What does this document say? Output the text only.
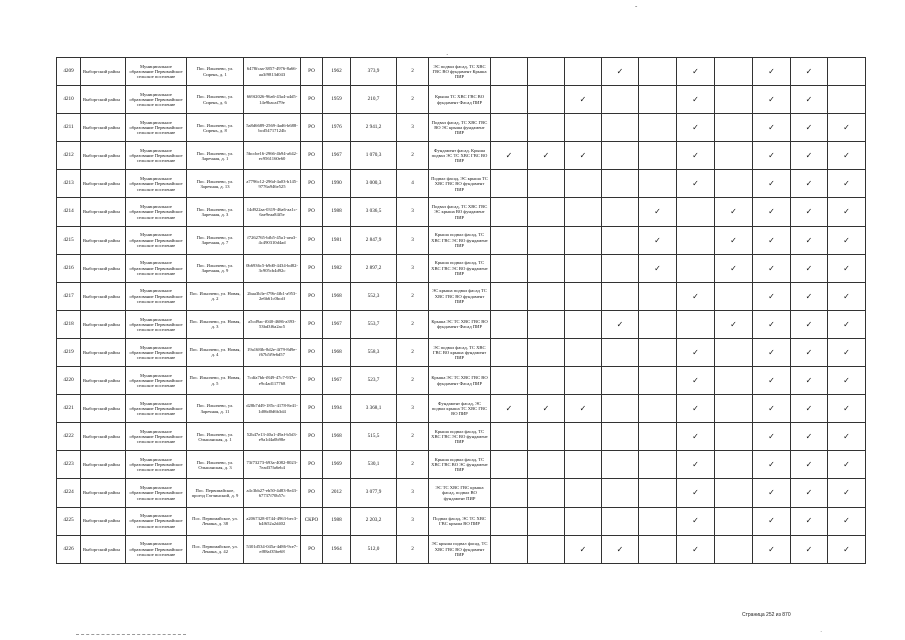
-
·
4209	Выборгский район	Муниципальное образование Первомайское сельское поселение	Пос. Ильичево, ул. Сирень, д. 1	6478fcaa-3857-4976-8a66-aa3f9813d043	РО	1962	373,9	2	ЭС подвал фасад, ТС ХВС ГВС ВО фундамент Крыша ПИР				✓		✓		✓	✓	
4210	Выборгский район	Муниципальное образование Первомайское сельское поселение	Пос. Ильичево, ул. Сирень, д. 6	669f2026-96a6-43a4-a4d5-14e9bacaf79e	РО	1959	210,7	2	Крыша ТС ХВС ГВС ВО фундамент Фасад ПИР			✓			✓		✓	✓	
4211	Выборгский район	Муниципальное образование Первомайское сельское поселение	Пос. Ильичево, ул. Сирень, д. 8	5a8d6689-2569-4ad6-b688-bcd54717124b	РО	1976	2 941,2	3	Подвал фасад, ТС ХВС ГВС ВО ЭС крыша фундамент ПИР						✓		✓	✓	✓
4212	Выборгский район	Муниципальное образование Первомайское сельское поселение	Пос. Ильичево, ул. Заречная, д. 1	5bccbe16-2966-4b94-a642-ec9561160e60	РО	1967	1 070,3	2	Фундамент фасад. Крыша подвал ЭС ТС ХВС ГВС ВО ПИР	✓	✓	✓			✓		✓	✓	✓
4213	Выборгский район	Муниципальное образование Первомайское сельское поселение	Пос. Ильичево, ул. Заречная, д. 13	a7796c12-296d-4a03-b145-9776a946e525	РО	1990	3 000,3	4	Подвал фасад, ЭС крыша ТС ХВС ГВС ВО фундамент ПИР						✓		✓	✓	✓
4214	Выборгский район	Муниципальное образование Первомайское сельское поселение	Пос. Ильичево, ул. Заречная, д. 3	14d922aa-0319-46a6-aa1c-6ae9eaa84f5e	РО	1988	3 036,5	3	Подвал фасад, ТС ХВС ГВС ЭС крыша ВО фундамент ПИР					✓		✓	✓	✓	✓
4215	Выборгский район	Муниципальное образование Первомайское сельское поселение	Пос. Ильичево, ул. Заречная, д. 7	f7262765-bfb5-45a1-aea3-4c490310d4ad	РО	1981	2 847,9	3	Крыша подвал фасад, ТС ХВС ГВС ЭС ВО фундамент ПИР					✓		✓	✓	✓	✓
4216	Выборгский район	Муниципальное образование Первомайское сельское поселение	Пос. Ильичево, ул. Заречная, д. 9	0b6936c5-b9d0-4434-bd82-3c905cb4d92c	РО	1982	2 897,2	3	Крыша подвал фасад, ТС ХВС ГВС ЭС ВО фундамент ПИР					✓		✓	✓	✓	✓
4217	Выборгский район	Муниципальное образование Первомайское сельское поселение	Пос. Ильичево, ул. Новая, д. 2	2baa3b3e-f79b-4fb1-a953-2e6b61c0bcdf	РО	1968	552,3	2	ЭС крыша подвал фасад ТС ХВС ГВС ВО фундамент ПИР						✓		✓	✓	✓
4218	Выборгский район	Муниципальное образование Первомайское сельское поселение	Пос. Ильичево, ул. Новая, д. 3	a5cd9ac-f040-4686-a393-53bd3f6a2ac5	РО	1967	553,7	2	Крыша ЭС ТС ХВС ГВС ВО фундамент Фасад ПИР				✓			✓	✓	✓	✓
4219	Выборгский район	Муниципальное образование Первомайское сельское поселение	Пос. Ильичево, ул. Новая, д. 4	19a168fb-8d2e-4f79-8d9e-f67b5f9e6d57	РО	1968	558,3	2	ЭС подвал фасад, ТС ХВС ГВС ВО крыша фундамент ПИР						✓		✓	✓	✓
4220	Выборгский район	Муниципальное образование Первомайское сельское поселение	Пос. Ильичево, ул. Новая, д. 5	7cdfa7bb-f849-47c7-937e-e9c4ad117768	РО	1967	523,7	2	Крыша ЭС ТС ХВС ГВС ВО фундамент Фасад ПИР						✓		✓	✓	✓
4221	Выборгский район	Муниципальное образование Первомайское сельское поселение	Пос. Ильичево, ул. Заречная, д. 11	d28b7d49-185c-4178-8e41-1d06d0d6b3d4	РО	1994	3 368,1	3	Фундамент фасад, ЭС подвал крыша ТС ХВС ГВС ВО ПИР	✓	✓	✓			✓		✓	✓	✓
4222	Выборгский район	Муниципальное образование Первомайское сельское поселение	Пос. Ильичево, ул. Ольшанская, д. 1	52b47e13-40a1-49af-b5d3-e9a1d4a0b98e	РО	1968	515,5	2	Крыша подвал фасад, ТС ХВС ГВС ЭС ВО фундамент ПИР						✓		✓	✓	✓
4223	Выборгский район	Муниципальное образование Первомайское сельское поселение	Пос. Ильичево, ул. Ольшанская, д. 3	73f73273-693a-4082-8023-7ead37fa6eb4	РО	1969	530,1	2	Крыша подвал фасад, ТС ХВС ГВС ВО ЭС фундамент ПИР						✓		✓	✓	✓
4224	Выборгский район	Муниципальное образование Первомайское сельское поселение	Пос. Первомайское, проезд Гатчинский, д. 9	a4c3bb27-eb50-4d83-8e43-67737f70b57c	РО	2012	3 077,9	3	ЭС ТС ХВС ГВС крыша фасад, подвал ВО фундамент ПИР						✓		✓	✓	✓
4225	Выборгский район	Муниципальное образование Первомайское сельское поселение	Пос. Первомайское, ул. Ленина, д. 38	a2067328-0744-4963-bec3-b4f652a2d402	СКРО	1988	2 203,2	3	Подвал фасад, ЭС ТС ХВС ГВС крыша ВО ПИР						✓		✓	✓	✓
4226	Выборгский район	Муниципальное образование Первомайское сельское поселение	Пос. Первомайское, ул. Ленина, д. 42	5301d534-045a-4d86-9ce7-ef88af35be68	РО	1964	512,0	2	ЭС крыша подвал фасад, ТС ХВС ГВС ВО фундамент ПИР			✓	✓		✓		✓	✓	✓
Страница 252 из 870
·
